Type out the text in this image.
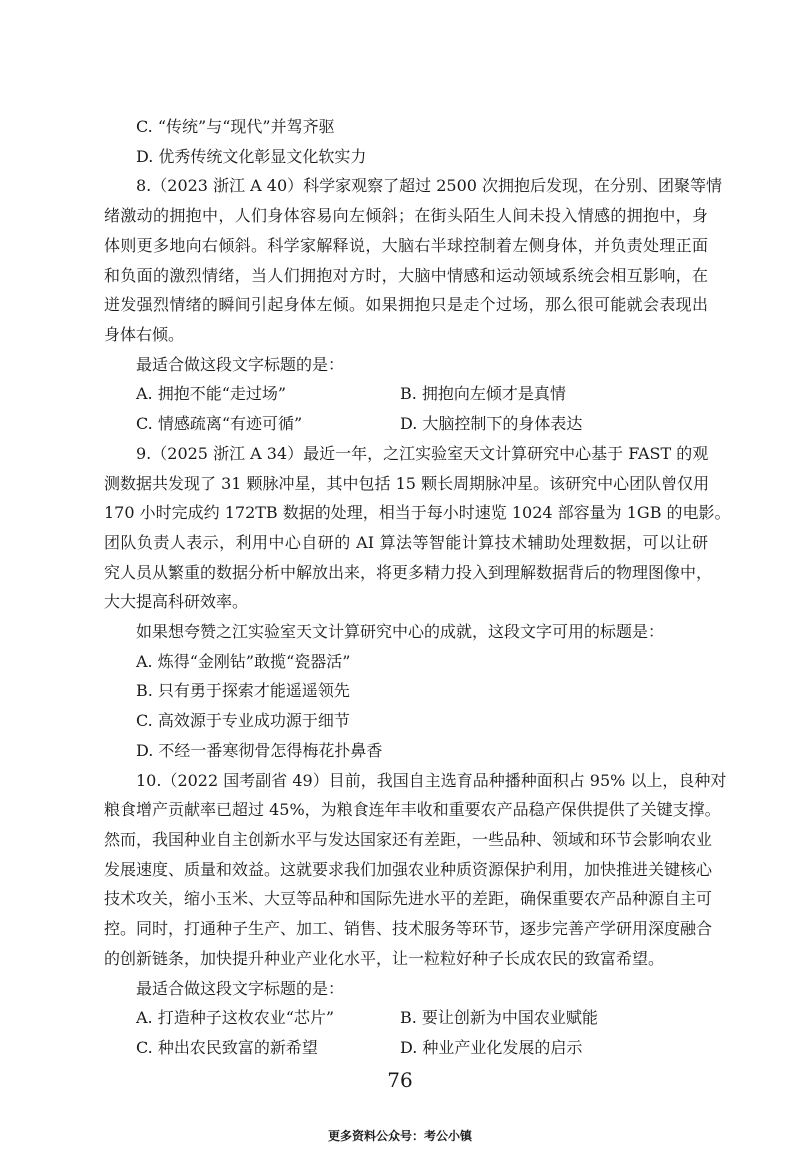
C. “传统”与“现代”并驾齐驱
D. 优秀传统文化彰显文化软实力
8.（2023 浙江 A 40）科学家观察了超过 2500 次拥抱后发现，在分别、团聚等情
绪激动的拥抱中，人们身体容易向左倾斜；在街头陌生人间未投入情感的拥抱中，身
体则更多地向右倾斜。科学家解释说，大脑右半球控制着左侧身体，并负责处理正面
和负面的激烈情绪，当人们拥抱对方时，大脑中情感和运动领域系统会相互影响，在
迸发强烈情绪的瞬间引起身体左倾。如果拥抱只是走个过场，那么很可能就会表现出
身体右倾。
最适合做这段文字标题的是：
A. 拥抱不能“走过场”	B. 拥抱向左倾才是真情
C. 情感疏离“有迹可循”	D. 大脑控制下的身体表达
9.（2025 浙江 A 34）最近一年，之江实验室天文计算研究中心基于 FAST 的观
测数据共发现了 31 颗脉冲星，其中包括 15 颗长周期脉冲星。该研究中心团队曾仅用
170 小时完成约 172TB 数据的处理，相当于每小时速览 1024 部容量为 1GB 的电影。
团队负责人表示，利用中心自研的 AI 算法等智能计算技术辅助处理数据，可以让研
究人员从繁重的数据分析中解放出来，将更多精力投入到理解数据背后的物理图像中，
大大提高科研效率。
如果想夸赞之江实验室天文计算研究中心的成就，这段文字可用的标题是：
A. 炼得“金刚钻”敢揽“瓷器活”
B. 只有勇于探索才能遥遥领先
C. 高效源于专业成功源于细节
D. 不经一番寒彻骨怎得梅花扑鼻香
10.（2022 国考副省 49）目前，我国自主选育品种播种面积占 95% 以上，良种对
粮食增产贡献率已超过 45%，为粮食连年丰收和重要农产品稳产保供提供了关键支撑。
然而，我国种业自主创新水平与发达国家还有差距，一些品种、领域和环节会影响农业
发展速度、质量和效益。这就要求我们加强农业种质资源保护利用，加快推进关键核心
技术攻关，缩小玉米、大豆等品种和国际先进水平的差距，确保重要农产品种源自主可
控。同时，打通种子生产、加工、销售、技术服务等环节，逐步完善产学研用深度融合
的创新链条，加快提升种业产业化水平，让一粒粒好种子长成农民的致富希望。
最适合做这段文字标题的是：
A. 打造种子这枚农业“芯片”	B. 要让创新为中国农业赋能
C. 种出农民致富的新希望	D. 种业产业化发展的启示
76
更多资料公众号：考公小镇
